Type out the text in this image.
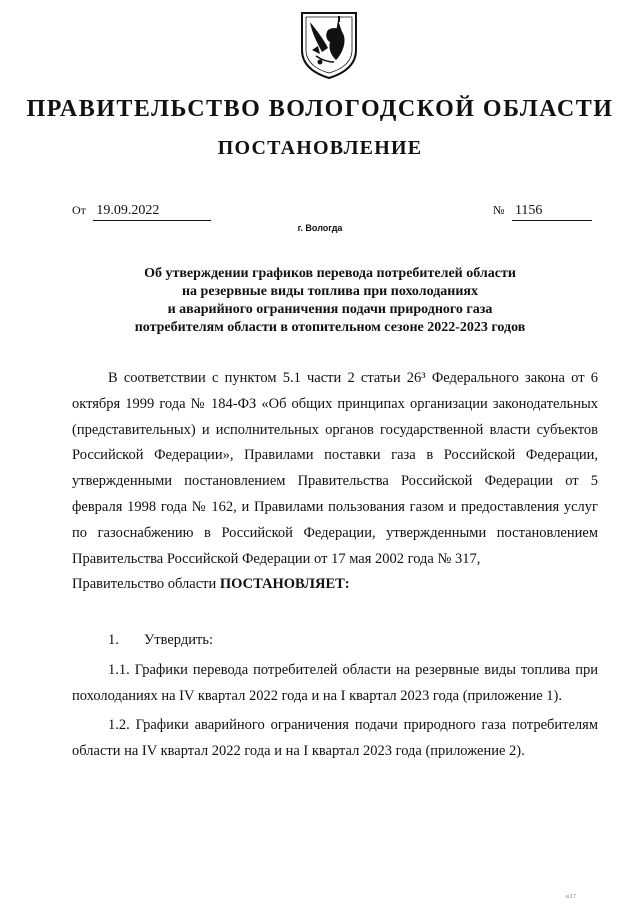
ПРАВИТЕЛЬСТВО ВОЛОГОДСКОЙ ОБЛАСТИ
ПОСТАНОВЛЕНИЕ
От 19.09.2022	№ 1156
г. Вологда
Об утверждении графиков перевода потребителей области
на резервные виды топлива при похолоданиях
и аварийного ограничения подачи природного газа
потребителям области в отопительном сезоне 2022-2023 годов

В соответствии с пунктом 5.1 части 2 статьи 26³ Федерального закона от 6 октября 1999 года № 184-ФЗ «Об общих принципах организации законодательных (представительных) и исполнительных органов государственной власти субъектов Российской Федерации», Правилами поставки газа в Российской Федерации, утвержденными постановлением Правительства Российской Федерации от 5 февраля 1998 года № 162, и Правилами пользования газом и предоставления услуг по газоснабжению в Российской Федерации, утвержденными постановлением Правительства Российской Федерации от 17 мая 2002 года № 317,

Правительство области ПОСТАНОВЛЯЕТ:

1. Утвердить:

1.1. Графики перевода потребителей области на резервные виды топлива при похолоданиях на IV квартал 2022 года и на I квартал 2023 года (приложение 1).

1.2. Графики аварийного ограничения подачи природного газа потребителям области на IV квартал 2022 года и на I квартал 2023 года (приложение 2).

и.17
